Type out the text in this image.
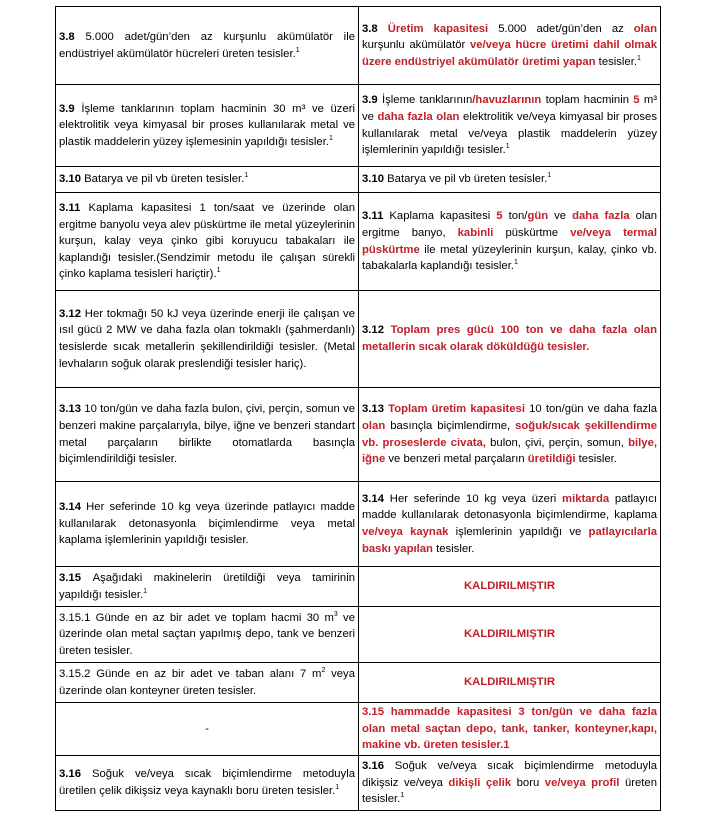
3.8 5.000 adet/gün’den az kurşunlu akümülatör ile endüstriyel akümülatör hücreleri üreten tesisler.$^1$	3.8 Üretim kapasitesi 5.000 adet/gün’den az olan kurşunlu akümülatör ve/veya hücre üretimi dahil olmak üzere endüstriyel akümülatör üretimi yapan tesisler.$^1$
3.9 İşleme tanklarının toplam hacminin 30 m³ ve üzeri elektrolitik veya kimyasal bir proses kullanılarak metal ve plastik maddelerin yüzey işlemesinin yapıldığı tesisler.$^1$	3.9 İşleme tanklarının/havuzlarının toplam hacminin 5 m³ ve daha fazla olan elektrolitik ve/veya kimyasal bir proses kullanılarak metal ve/veya plastik maddelerin yüzey işlemlerinin yapıldığı tesisler.$^1$
3.10 Batarya ve pil vb üreten tesisler.$^1$	3.10 Batarya ve pil vb üreten tesisler.$^1$
3.11 Kaplama kapasitesi 1 ton/saat ve üzerinde olan ergitme banyolu veya alev püskürtme ile metal yüzeylerinin kurşun, kalay veya çinko gibi koruyucu tabakaları ile kaplandığı tesisler.(Sendzimir metodu ile çalışan sürekli çinko kaplama tesisleri hariçtir).$^1$	3.11 Kaplama kapasitesi 5 ton/gün ve daha fazla olan ergitme banyo, kabinli püskürtme ve/veya termal püskürtme ile metal yüzeylerinin kurşun, kalay, çinko vb. tabakalarla kaplandığı tesisler.$^1$
3.12 Her tokmağı 50 kJ veya üzerinde enerji ile çalışan ve ısıl gücü 2 MW ve daha fazla olan tokmaklı (şahmerdanlı) tesislerde sıcak metallerin şekillendirildiği tesisler. (Metal levhaların soğuk olarak preslendiği tesisler hariç).	3.12 Toplam pres gücü 100 ton ve daha fazla olan metallerin sıcak olarak döküldüğü tesisler.
3.13 10 ton/gün ve daha fazla bulon, çivi, perçin, somun ve benzeri makine parçalarıyla, bilye, iğne ve benzeri standart metal parçaların birlikte otomatlarda basınçla biçimlendirildiği tesisler.	3.13 Toplam üretim kapasitesi 10 ton/gün ve daha fazla olan basınçla biçimlendirme, soğuk/sıcak şekillendirme vb. proseslerde civata, bulon, çivi, perçin, somun, bilye, iğne ve benzeri metal parçaların üretildiği tesisler.
3.14 Her seferinde 10 kg veya üzerinde patlayıcı madde kullanılarak detonasyonla biçimlendirme veya metal kaplama işlemlerinin yapıldığı tesisler.	3.14 Her seferinde 10 kg veya üzeri miktarda patlayıcı madde kullanılarak detonasyonla biçimlendirme, kaplama ve/veya kaynak işlemlerinin yapıldığı ve patlayıcılarla baskı yapılan tesisler.
3.15 Aşağıdaki makinelerin üretildiği veya tamirinin yapıldığı tesisler.$^1$	KALDIRILMIŞTIR
3.15.1 Günde en az bir adet ve toplam hacmi 30 $m^3$ ve üzerinde olan metal saçtan yapılmış depo, tank ve benzeri üreten tesisler.	KALDIRILMIŞTIR
3.15.2 Günde en az bir adet ve taban alanı 7 $m^2$ veya üzerinde olan konteyner üreten tesisler.	KALDIRILMIŞTIR
-	3.15 hammadde kapasitesi 3 ton/gün ve daha fazla olan metal saçtan depo, tank, tanker, konteyner,kapı, makine vb. üreten tesisler.1
3.16 Soğuk ve/veya sıcak biçimlendirme metoduyla üretilen çelik dikişsiz veya kaynaklı boru üreten tesisler.$^1$	3.16 Soğuk ve/veya sıcak biçimlendirme metoduyla dikişsiz ve/veya dikişli çelik boru ve/veya profil üreten tesisler.$^1$
